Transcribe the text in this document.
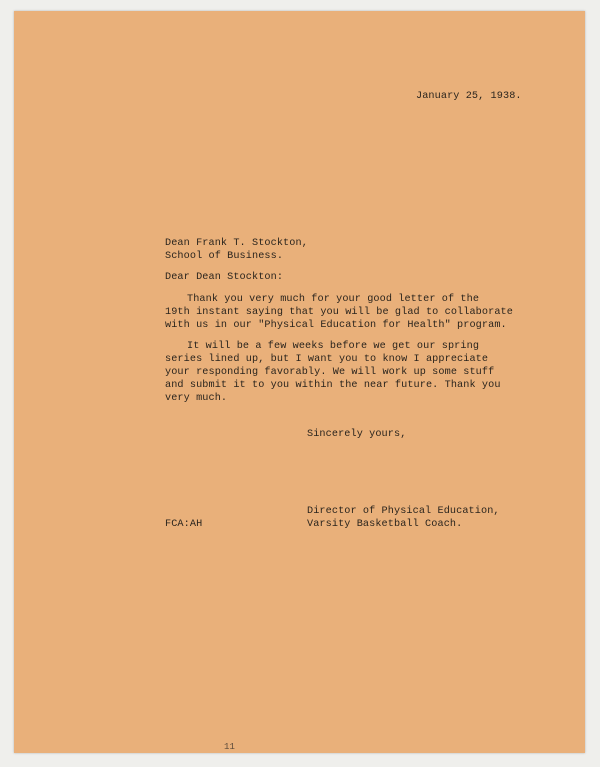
January 25, 1938.
Dean Frank T. Stockton,
School of Business.
Dear Dean Stockton:
Thank you very much for your good letter of the
19th instant saying that you will be glad to collaborate
with us in our "Physical Education for Health" program.
It will be a few weeks before we get our spring
series lined up, but I want you to know I appreciate
your responding favorably. We will work up some stuff
and submit it to you within the near future. Thank you
very much.
Sincerely yours,
Director of Physical Education,
Varsity Basketball Coach.
FCA:AH
11
